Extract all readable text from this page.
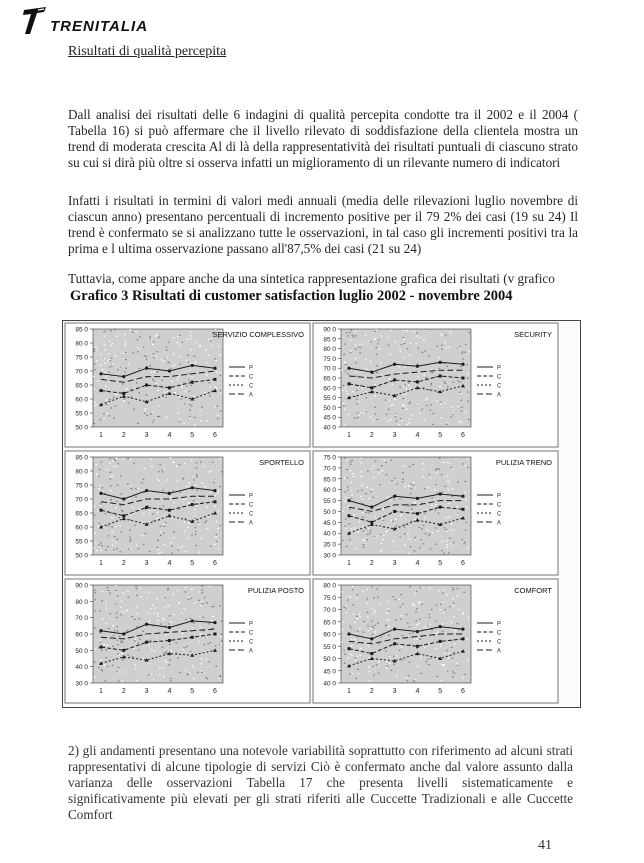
TRENITALIA
Risultati di qualità percepita

Dall analisi dei risultati delle 6 indagini di qualità percepita condotte tra il 2002 e il 2004 ( Tabella 16) si può affermare che il livello rilevato di soddisfazione della clientela mostra un trend di moderata crescita Al di là della rappresentatività dei risultati puntuali di ciascuno strato su cui si dirà più oltre si osserva infatti un miglioramento di un rilevante numero di indicatori

Infatti i risultati in termini di valori medi annuali (media delle rilevazioni luglio novembre di ciascun anno) presentano percentuali di incremento positive per il 79 2% dei casi (19 su 24) Il trend è confermato se si analizzano tutte le osservazioni, in tal caso gli incrementi positivi tra la prima e l ultima osservazione passano all'87,5% dei casi (21 su 24)

Tuttavia, come appare anche da una sintetica rappresentazione grafica dei risultati (v grafico

Grafico 3 Risultati di customer satisfaction luglio 2002 - novembre 2004
85 0
80 0
75 0
70 0
65 0
60 0
55 0
50 0
1	2	3	4	5	6
SERVIZIO COMPLESSIVO
P
C
C
A
90 0
85 0
80 0
75 0
70 0
65 0
60 0
55 0
50 0
45 0
40 0
1	2	3	4	5	6
SECURITY
P
C
C
A
85 0
80 0
75 0
70 0
65 0
60 0
55 0
50 0
1	2	3	4	5	6
SPORTELLO
P
C
C
A
75 0
70 0
65 0
60 0
55 0
50 0
45 0
40 0
35 0
30 0
1	2	3	4	5	6
PULIZIA TRENO
P
C
C
A
90 0
80 0
70 0
60 0
50 0
40 0
30 0
1	2	3	4	5	6
PULIZIA POSTO
P
C
C
A
80 0
75 0
70 0
65 0
60 0
55 0
50 0
45 0
40 0
1	2	3	4	5	6
COMFORT
P
C
C
A

2) gli andamenti presentano una notevole variabilità soprattutto con riferimento ad alcuni strati rappresentativi di alcune tipologie di servizi Ciò è confermato anche dal valore assunto dalla varianza delle osservazioni Tabella 17 che presenta livelli sistematicamente e significativamente più elevati per gli strati riferiti alle Cuccette Tradizionali e alle Cuccette Comfort

41
